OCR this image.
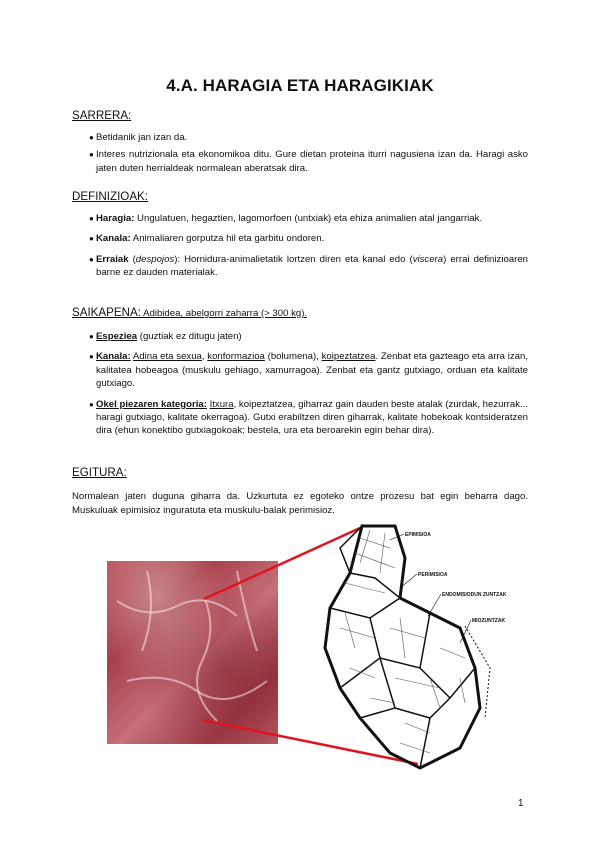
4.A. HARAGIA ETA HARAGIKIAK
SARRERA:
● Betidanik jan izan da.
● Interes nutrizionala eta ekonomikoa ditu. Gure dietan proteina iturri nagusiena izan da. Haragi asko jaten duten herrialdeak normalean aberatsak dira.
DEFINIZIOAK:
● Haragia: Ungulatuen, hegaztien, lagomorfoen (untxiak) eta ehiza animalien atal jangarriak.
● Kanala: Animaliaren gorputza hil eta garbitu ondoren.
● Erraiak (despojos): Hornidura-animalietatik lortzen diren eta kanal edo (viscera) errai definizioaren barne ez dauden materialak.
SAIKAPENA: Adibidea, abelgorri zaharra (> 300 kg).
● Espeziea (guztiak ez ditugu jaten)
● Kanala: Adina eta sexua, konformazioa (bolumena), koipeztatzea. Zenbat eta gazteago eta arra izan, kalitatea hobeagoa (muskulu gehiago, xamurragoa). Zenbat eta gantz gutxiago, orduan eta kalitate gutxiago.
● Okel piezaren kategoria: Itxura, koipeztatzea, giharraz gain dauden beste atalak (zurdak, hezurrak... haragi gutxiago, kalitate okerragoa). Gutxi erabiltzen diren giharrak, kalitate hobekoak kontsideratzen dira (ehun konektibo gutxiagokoak; bestela, ura eta beroarekin egin behar dira).
EGITURA:
Normalean jaten duguna giharra da. Uzkurtuta ez egoteko ontze prozesu bat egin beharra dago. Muskuluak epimisioz inguratuta eta muskulu-balak perimisioz.
EPIMISIOA
PERIMISIOA
ENDOMISIODUN ZUNTZAK
MIOZUNTZAK
1
